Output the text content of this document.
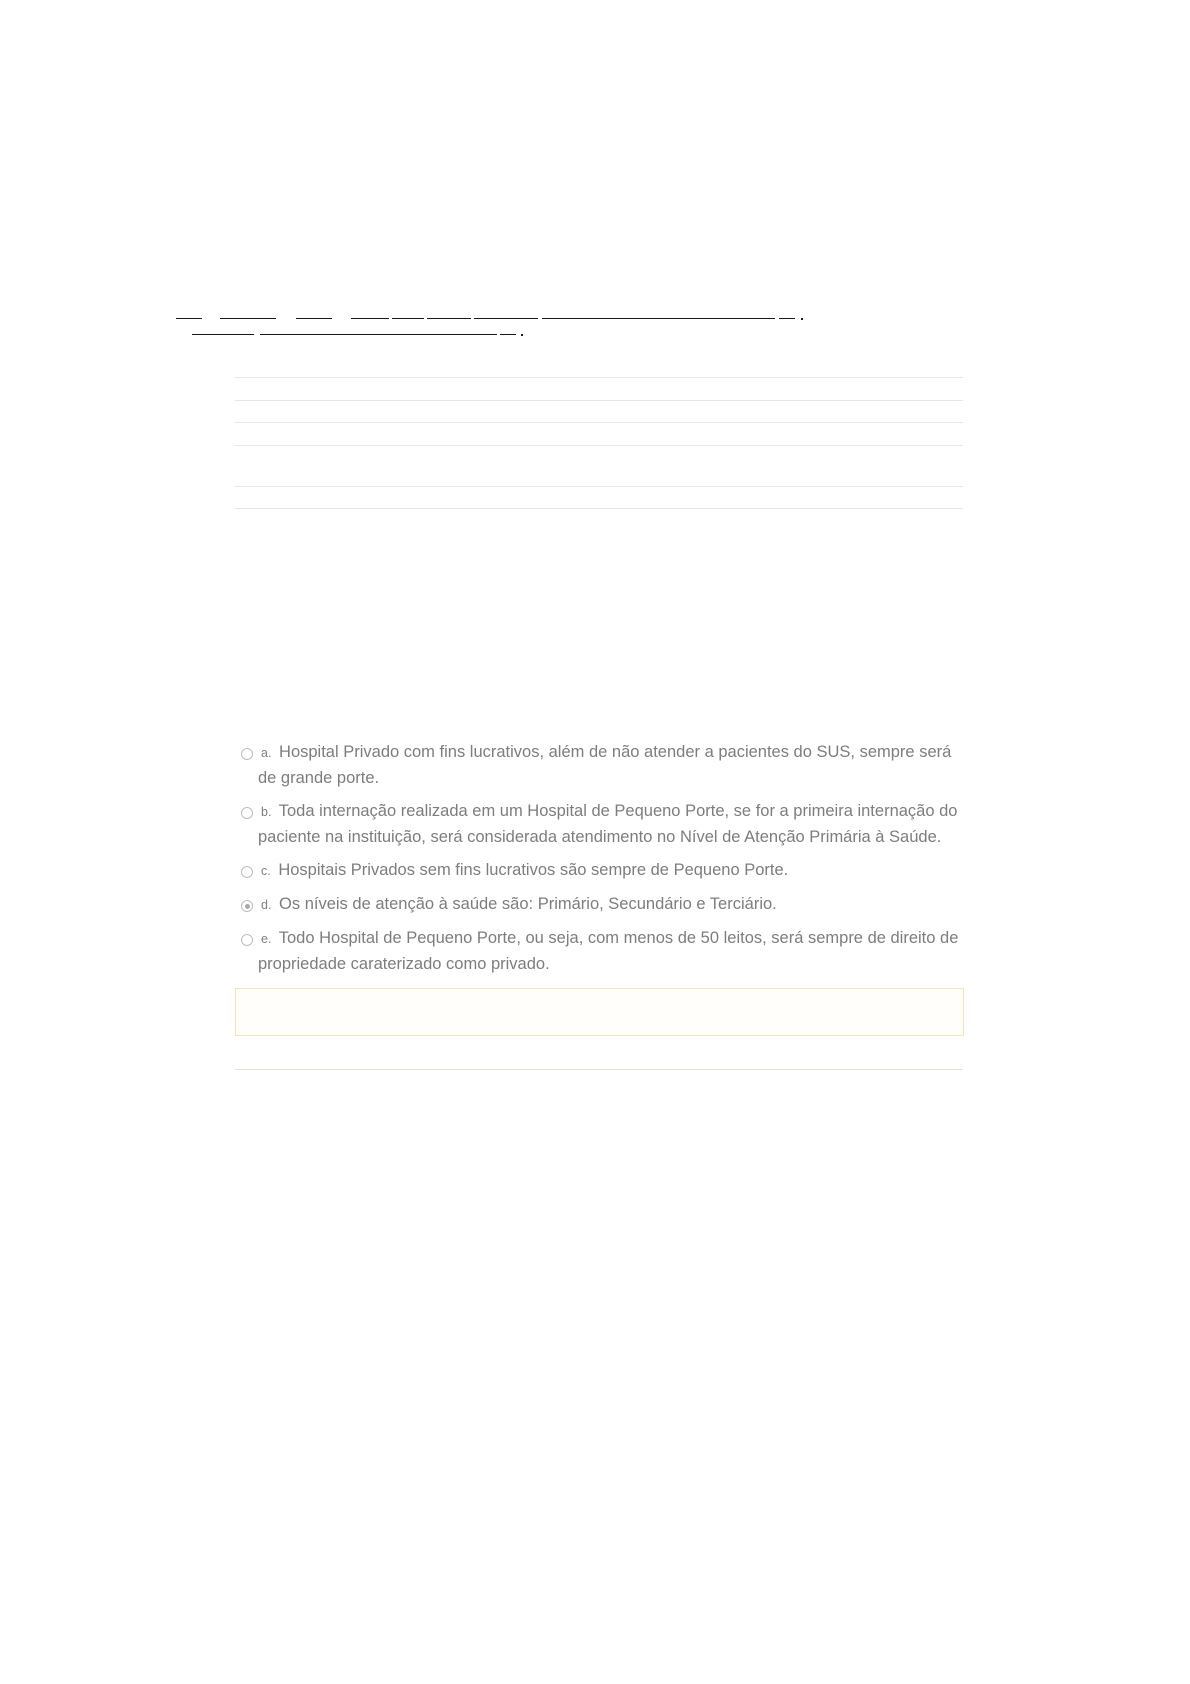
a. Hospital Privado com fins lucrativos, além de não atender a pacientes do SUS, sempre será de grande porte.
b. Toda internação realizada em um Hospital de Pequeno Porte, se for a primeira internação do paciente na instituição, será considerada atendimento no Nível de Atenção Primária à Saúde.
c. Hospitais Privados sem fins lucrativos são sempre de Pequeno Porte.
d. Os níveis de atenção à saúde são: Primário, Secundário e Terciário.
e. Todo Hospital de Pequeno Porte, ou seja, com menos de 50 leitos, será sempre de direito de propriedade caraterizado como privado.
